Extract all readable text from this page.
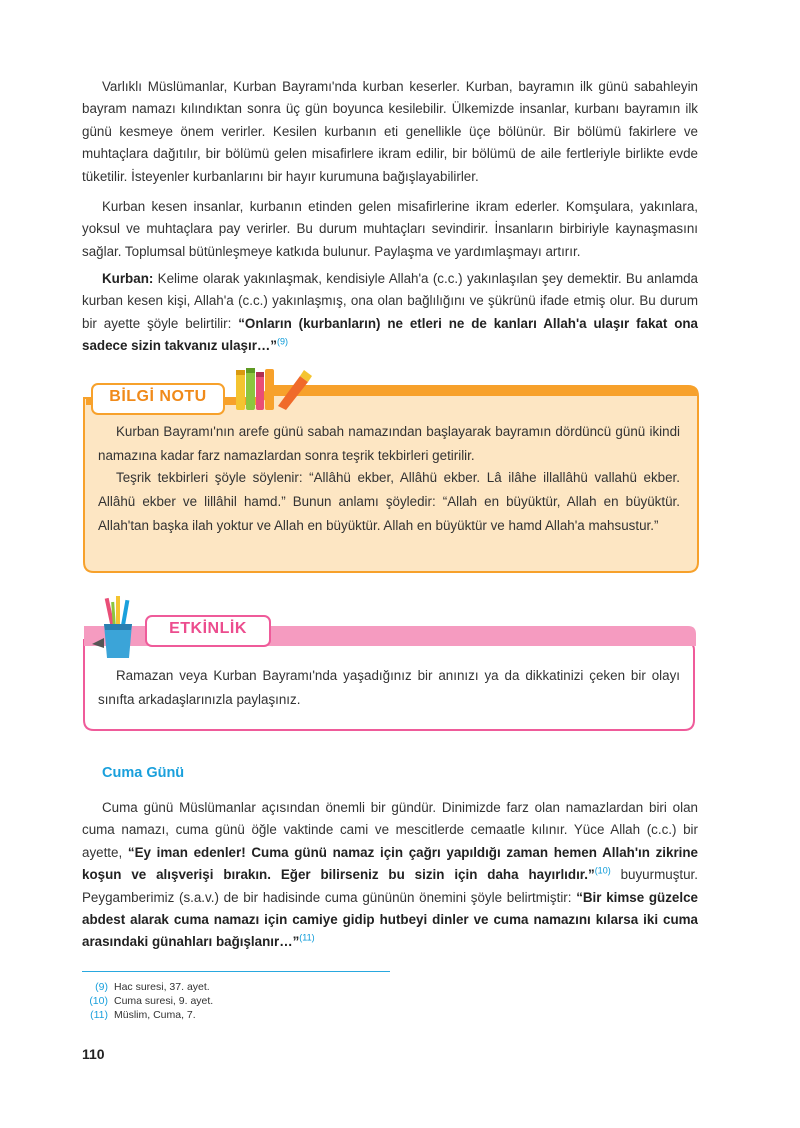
Varlıklı Müslümanlar, Kurban Bayramı'nda kurban keserler. Kurban, bayramın ilk günü sabahleyin bayram namazı kılındıktan sonra üç gün boyunca kesilebilir. Ülkemizde insanlar, kurbanı bayramın ilk günü kesmeye önem verirler. Kesilen kurbanın eti genellikle üçe bölünür. Bir bölümü fakirlere ve muhtaçlara dağıtılır, bir bölümü gelen misafirlere ikram edilir, bir bölümü de aile fertleriyle birlikte evde tüketilir. İsteyenler kurbanlarını bir hayır kurumuna bağışlayabilirler.

Kurban kesen insanlar, kurbanın etinden gelen misafirlerine ikram ederler. Komşulara, yakınlara, yoksul ve muhtaçlara pay verirler. Bu durum muhtaçları sevindirir. İnsanların birbiriyle kaynaşmasını sağlar. Toplumsal bütünleşmeye katkıda bulunur. Paylaşma ve yardımlaşmayı artırır.

Kurban: Kelime olarak yakınlaşmak, kendisiyle Allah'a (c.c.) yakınlaşılan şey demektir. Bu anlamda kurban kesen kişi, Allah'a (c.c.) yakınlaşmış, ona olan bağlılığını ve şükrünü ifade etmiş olur. Bu durum bir ayette şöyle belirtilir: “Onların (kurbanların) ne etleri ne de kanları Allah'a ulaşır fakat ona sadece sizin takvanız ulaşır…”$^{(9)}$

BİLGİ NOTU

Kurban Bayramı'nın arefe günü sabah namazından başlayarak bayramın dördüncü günü ikindi namazına kadar farz namazlardan sonra teşrik tekbirleri getirilir.

Teşrik tekbirleri şöyle söylenir: “Allâhü ekber, Allâhü ekber. Lâ ilâhe illallâhü vallahü ekber. Allâhü ekber ve lillâhil hamd.” Bunun anlamı şöyledir: “Allah en büyüktür, Allah en büyüktür. Allah'tan başka ilah yoktur ve Allah en büyüktür. Allah en büyüktür ve hamd Allah'a mahsustur.”

ETKİNLİK

Ramazan veya Kurban Bayramı'nda yaşadığınız bir anınızı ya da dikkatinizi çeken bir olayı sınıfta arkadaşlarınızla paylaşınız.

Cuma Günü

Cuma günü Müslümanlar açısından önemli bir gündür. Dinimizde farz olan namazlardan biri olan cuma namazı, cuma günü öğle vaktinde cami ve mescitlerde cemaatle kılınır. Yüce Allah (c.c.) bir ayette, “Ey iman edenler! Cuma günü namaz için çağrı yapıldığı zaman hemen Allah'ın zikrine koşun ve alışverişi bırakın. Eğer bilirseniz bu sizin için daha hayırlıdır.”$^{(10)}$ buyurmuştur. Peygamberimiz (s.a.v.) de bir hadisinde cuma gününün önemini şöyle belirtmiştir: “Bir kimse güzelce abdest alarak cuma namazı için camiye gidip hutbeyi dinler ve cuma namazını kılarsa iki cuma arasındaki günahları bağışlanır…”$^{(11)}$

(9) Hac suresi, 37. ayet.
(10) Cuma suresi, 9. ayet.
(11) Müslim, Cuma, 7.
110
